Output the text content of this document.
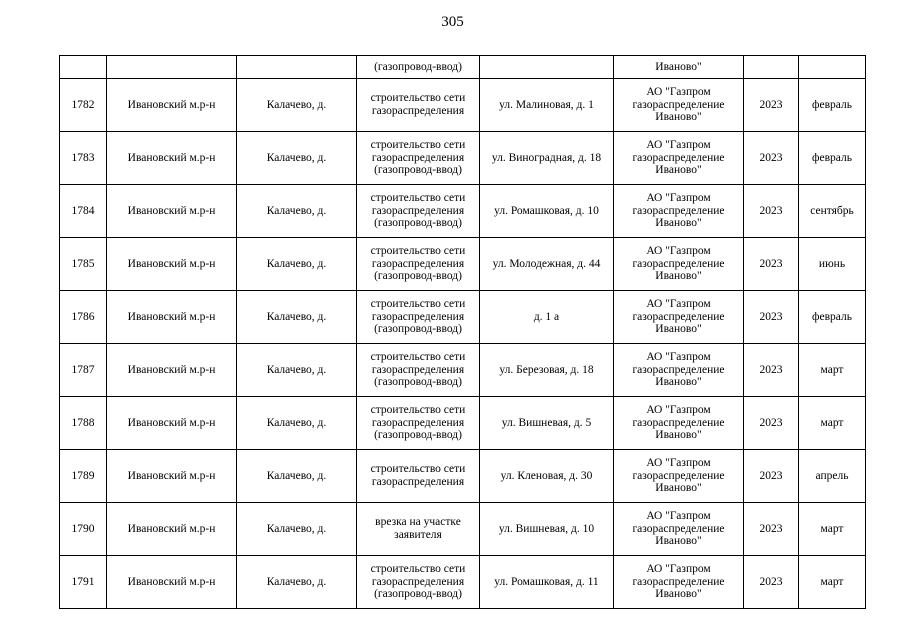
305
			(газопровод-ввод)		Иваново"		
1782	Ивановский м.р-н	Калачево, д.	строительство сети газораспределения	ул. Малиновая, д. 1	АО "Газпром газораспределение Иваново"	2023	февраль
1783	Ивановский м.р-н	Калачево, д.	строительство сети газораспределения (газопровод-ввод)	ул. Виноградная, д. 18	АО "Газпром газораспределение Иваново"	2023	февраль
1784	Ивановский м.р-н	Калачево, д.	строительство сети газораспределения (газопровод-ввод)	ул. Ромашковая, д. 10	АО "Газпром газораспределение Иваново"	2023	сентябрь
1785	Ивановский м.р-н	Калачево, д.	строительство сети газораспределения (газопровод-ввод)	ул. Молодежная, д. 44	АО "Газпром газораспределение Иваново"	2023	июнь
1786	Ивановский м.р-н	Калачево, д.	строительство сети газораспределения (газопровод-ввод)	д. 1 а	АО "Газпром газораспределение Иваново"	2023	февраль
1787	Ивановский м.р-н	Калачево, д.	строительство сети газораспределения (газопровод-ввод)	ул. Березовая, д. 18	АО "Газпром газораспределение Иваново"	2023	март
1788	Ивановский м.р-н	Калачево, д.	строительство сети газораспределения (газопровод-ввод)	ул. Вишневая, д. 5	АО "Газпром газораспределение Иваново"	2023	март
1789	Ивановский м.р-н	Калачево, д.	строительство сети газораспределения	ул. Кленовая, д. 30	АО "Газпром газораспределение Иваново"	2023	апрель
1790	Ивановский м.р-н	Калачево, д.	врезка на участке заявителя	ул. Вишневая, д. 10	АО "Газпром газораспределение Иваново"	2023	март
1791	Ивановский м.р-н	Калачево, д.	строительство сети газораспределения (газопровод-ввод)	ул. Ромашковая, д. 11	АО "Газпром газораспределение Иваново"	2023	март
